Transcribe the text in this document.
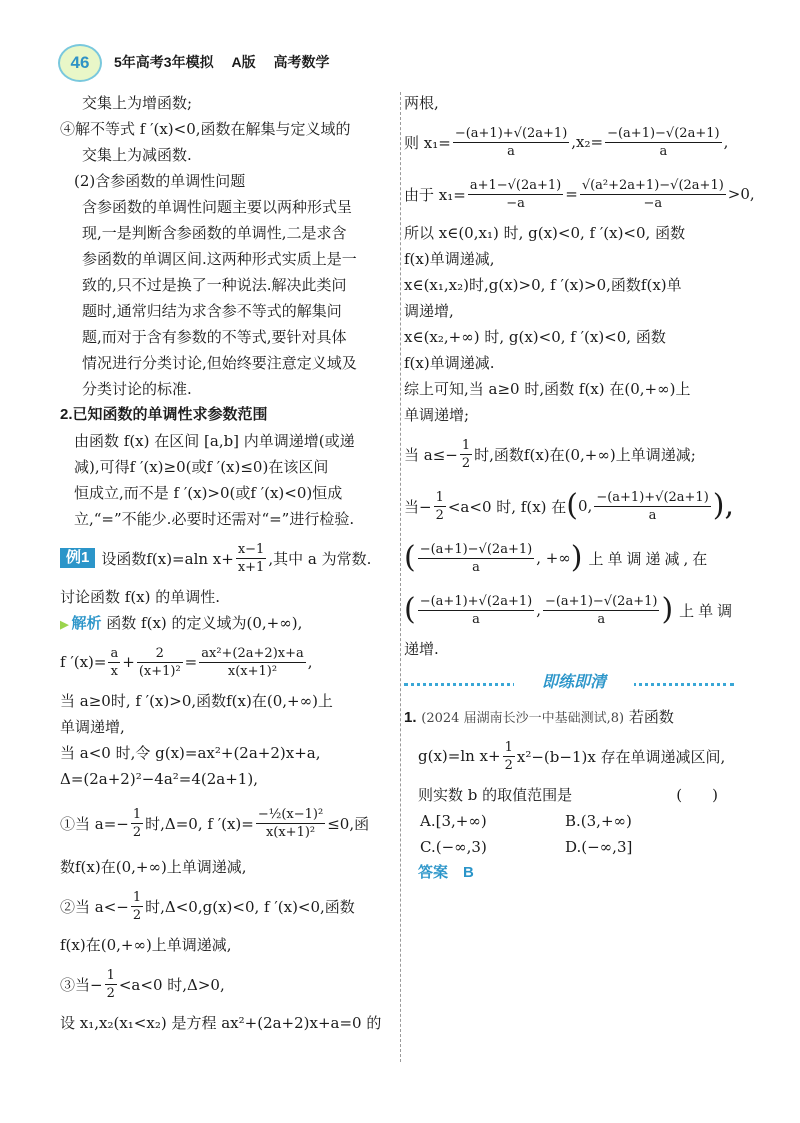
46	5年高考3年模拟 A版 高考数学
交集上为增函数;
④解不等式 f ′(x)<0,函数在解集与定义域的
交集上为减函数.
(2)含参函数的单调性问题
含参函数的单调性问题主要以两种形式呈
现,一是判断含参函数的单调性,二是求含
参函数的单调区间.这两种形式实质上是一
致的,只不过是换了一种说法.解决此类问
题时,通常归结为求含参不等式的解集问
题,而对于含有参数的不等式,要针对具体
情况进行分类讨论,但始终要注意定义域及
分类讨论的标准.
2.已知函数的单调性求参数范围
由函数 f(x) 在区间 [a,b] 内单调递增(或递
减),可得f ′(x)≥0(或f ′(x)≤0)在该区间
恒成立,而不是 f ′(x)>0(或f ′(x)<0)恒成
立,“=”不能少.必要时还需对“=”进行检验.
例1 设函数f(x)=aln $x+ \frac{x-1}{x+1}$ ,其中 a 为常数.
讨论函数 f(x) 的单调性.
▶ 解析 函数 f(x) 的定义域为(0,+∞),
f $'(x)= \frac{a}{x} + \frac{2}{\text{(x+1)²}} = \frac{\text{ax²+(2a+2)x+a}}{\text{x(x+1)²}}$ ,
当 a≥0时, f ′(x)>0,函数f(x)在(0,+∞)上
单调递增,
当 a<0 时,令 g(x)=ax²+(2a+2)x+a,
Δ=(2a+2)²−4a²=4(2a+1),
①当 $a=- \frac{1}{2}$ 时,Δ=0, f $'(x)= \frac{\text{−½(x−1)²}}{\text{x(x+1)²}} \le 0$,函
数f(x)在(0,+∞)上单调递减,
②当 $a<- \frac{1}{2}$ 时,Δ<0,g(x)<0, f ′(x)<0,函数
f(x)在(0,+∞)上单调递减,
③当− $\frac{1}{2} <a<0$ 时,Δ>0,
设 x₁,x₂(x₁<x₂) 是方程 ax²+(2a+2)x+a=0 的
两根,
则 $x_1= \frac{-(a+1)+√(2a+1)}{a} ,x_2= \frac{-(a+1)-√(2a+1)}{a}$ ,
由于 $x_1= \frac{a+1-√(2a+1)}{-a} = \frac{\text{√(a²+2a+1)−√(2a+1)}}{-a} >0$,
所以 x∈(0,x₁) 时, g(x)<0, f ′(x)<0, 函数
f(x)单调递减,
x∈(x₁,x₂)时,g(x)>0, f ′(x)>0,函数f(x)单
调递增,
x∈(x₂,+∞) 时, g(x)<0, f ′(x)<0, 函数
f(x)单调递减.
综上可知,当 a≥0 时,函数 f(x) 在(0,+∞)上
单调递增;
当 $a\le- \frac{1}{2}$ 时,函数f(x)在(0,+∞)上单调递减;
当− $\frac{1}{2} <a<0$ 时, f(x) 在 ( 0, $\frac{-(a+1)+√(2a+1)}{a}$ ),
( $\frac{-(a+1)-√(2a+1)}{a}$ , +∞ ) 上单调递减,在
( $\frac{-(a+1)+√(2a+1)}{a}$ , $\frac{-(a+1)-√(2a+1)}{a}$ ) 上单调
递增.
即练即清
1. (2024 届湖南长沙一中基础测试,8) 若函数
g(x)=ln $x+ \frac{1}{2} x^2-(b-1)x$ 存在单调递减区间,
则实数 b 的取值范围是	(　　)
A.[3,+∞)	B.(3,+∞)
C.(−∞,3)	D.(−∞,3]
答案　B
